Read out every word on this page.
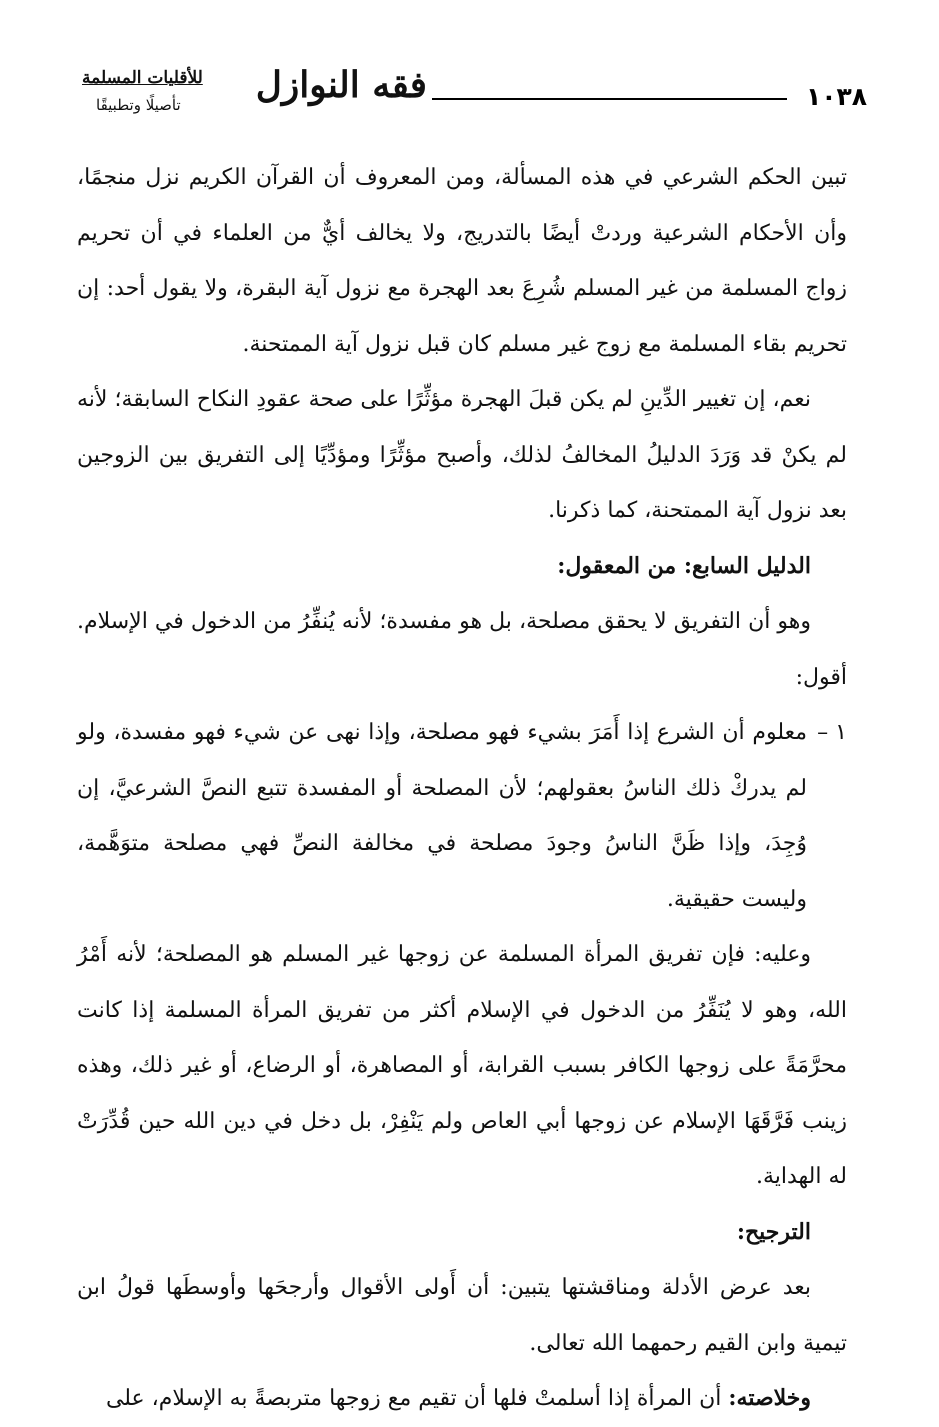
١٠٣٨
فقه النوازل
للأقليات المسلمة
تأصيلًا وتطبيقًا

تبين الحكم الشرعي في هذه المسألة، ومن المعروف أن القرآن الكريم نزل منجمًا، وأن الأحكام الشرعية وردتْ أيضًا بالتدريج، ولا يخالف أيٌّ من العلماء في أن تحريم زواج المسلمة من غير المسلم شُرِعَ بعد الهجرة مع نزول آية البقرة، ولا يقول أحد: إن تحريم بقاء المسلمة مع زوج غير مسلم كان قبل نزول آية الممتحنة.

نعم، إن تغيير الدِّينِ لم يكن قبلَ الهجرة مؤثِّرًا على صحة عقودِ النكاح السابقة؛ لأنه لم يكنْ قد وَرَدَ الدليلُ المخالفُ لذلك، وأصبح مؤثِّرًا ومؤدِّيًا إلى التفريق بين الزوجين بعد نزول آية الممتحنة، كما ذكرنا.

الدليل السابع: من المعقول:

وهو أن التفريق لا يحقق مصلحة، بل هو مفسدة؛ لأنه يُنفِّرُ من الدخول في الإسلام. أقول:

١ –

معلوم أن الشرع إذا أَمَرَ بشيء فهو مصلحة، وإذا نهى عن شيء فهو مفسدة، ولو لم يدركْ ذلك الناسُ بعقولهم؛ لأن المصلحة أو المفسدة تتبع النصَّ الشرعيَّ، إن وُجِدَ، وإذا ظَنَّ الناسُ وجودَ مصلحة في مخالفة النصِّ فهي مصلحة متوَهَّمة، وليست حقيقية.

وعليه: فإن تفريق المرأة المسلمة عن زوجها غير المسلم هو المصلحة؛ لأنه أَمْرُ الله، وهو لا يُنَفِّرُ من الدخول في الإسلام أكثر من تفريق المرأة المسلمة إذا كانت محرَّمَةً على زوجها الكافر بسبب القرابة، أو المصاهرة، أو الرضاع، أو غير ذلك، وهذه زينب فَرَّقَهَا الإسلام عن زوجها أبي العاص ولم يَنْفِرْ، بل دخل في دين الله حين قُدِّرَتْ له الهداية.

الترجيح:

بعد عرض الأدلة ومناقشتها يتبين: أن أَولى الأقوال وأرجحَها وأوسطَها قولُ ابن تيمية وابن القيم رحمهما الله تعالى.

وخلاصته: أن المرأة إذا أسلمتْ فلها أن تقيم مع زوجها متربصةً به الإسلام، على
